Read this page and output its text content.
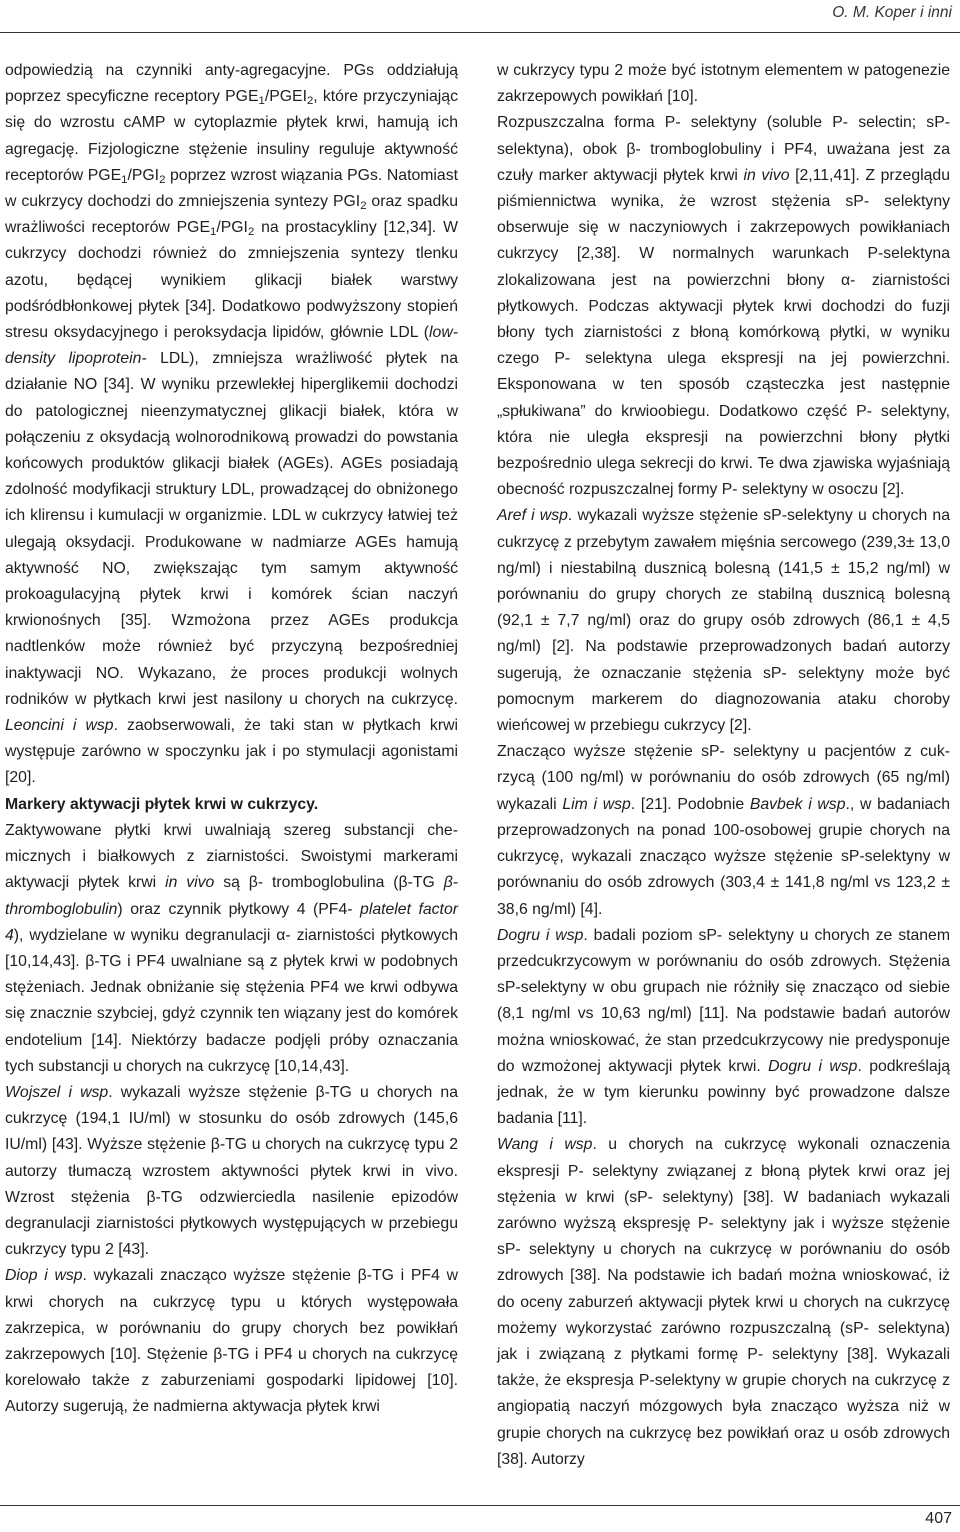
O. M. Koper i inni

odpowiedzią na czynniki anty-agregacyjne. PGs oddziałują poprzez specyficzne receptory $PGE_1/PGEI_2$, które przyczyniając się do wzrostu cAMP w cytoplazmie płytek krwi, hamują ich agregację. Fizjologiczne stężenie insuliny reguluje aktywność receptorów $PGE_1/PGI_2$ poprzez wzrost wiązania PGs. Natomiast w cukrzycy dochodzi do zmniejszenia syntezy $PGI_2$ oraz spadku wrażliwości receptorów $PGE_1/PGI_2$ na prostacykliny [12,34]. W cukrzycy dochodzi również do zmniejszenia syntezy tlenku azotu, będącej wynikiem glikacji białek warstwy podśródbłonkowej płytek [34]. Dodatkowo podwyższony stopień stresu oksydacyjnego i peroksydacja lipidów, głównie LDL (low- density lipoprotein- LDL), zmniejsza wrażliwość płytek na działanie NO [34]. W wyniku przewlekłej hiperglikemii dochodzi do patologicznej nieenzymatycznej glikacji białek, która w połączeniu z oksydacją wolnorodnikową prowadzi do powstania końcowych produktów glikacji białek (AGEs). AGEs posiadają zdolność modyfikacji struktury LDL, prowadzącej do obniżonego ich klirensu i kumulacji w organizmie. LDL w cukrzycy łatwiej też ulegają oksydacji. Produkowane w nadmiarze AGEs hamują aktywność NO, zwiększając tym samym aktywność prokoagulacyjną płytek krwi i komórek ścian naczyń krwionośnych [35]. Wzmożona przez AGEs produkcja nadtlenków może również być przyczyną bezpośredniej inaktywacji NO. Wykazano, że proces produkcji wolnych rodników w płytkach krwi jest nasilony u chorych na cukrzycę. Leoncini i wsp. zaobserwowali, że taki stan w płytkach krwi występuje zarówno w spoczynku jak i po stymulacji agonistami [20].

Markery aktywacji płytek krwi w cukrzycy.

Zaktywowane płytki krwi uwalniają szereg substancji chemicznych i białkowych z ziarnistości. Swoistymi markerami aktywacji płytek krwi in vivo są β- tromboglobulina (β-TG β-thromboglobulin) oraz czynnik płytkowy 4 (PF4- platelet factor 4), wydzielane w wyniku degranulacji α- ziarnistości płytkowych [10,14,43]. β-TG i PF4 uwalniane są z płytek krwi w podobnych stężeniach. Jednak obniżanie się stężenia PF4 we krwi odbywa się znacznie szybciej, gdyż czynnik ten wiązany jest do komórek endotelium [14]. Niektórzy badacze podjęli próby oznaczania tych substancji u chorych na cukrzycę [10,14,43].

Wojszel i wsp. wykazali wyższe stężenie β-TG u chorych na cukrzycę (194,1 IU/ml) w stosunku do osób zdrowych (145,6 IU/ml) [43]. Wyższe stężenie β-TG u chorych na cukrzycę typu 2 autorzy tłumaczą wzrostem aktywności płytek krwi in vivo. Wzrost stężenia β-TG odzwierciedla nasilenie epizodów degranulacji ziarnistości płytkowych występujących w przebiegu cukrzycy typu 2 [43].

Diop i wsp. wykazali znacząco wyższe stężenie β-TG i PF4 w krwi chorych na cukrzycę typu u których występowała zakrzepica, w porównaniu do grupy chorych bez powikłań zakrzepowych [10]. Stężenie β-TG i PF4 u chorych na cukrzycę korelowało także z zaburzeniami gospodarki lipidowej [10]. Autorzy sugerują, że nadmierna aktywacja płytek krwi

w cukrzycy typu 2 może być istotnym elementem w patogenezie zakrzepowych powikłań [10].

Rozpuszczalna forma P- selektyny (soluble P- selectin; sP-selektyna), obok β- tromboglobuliny i PF4, uważana jest za czuły marker aktywacji płytek krwi in vivo [2,11,41]. Z przeglądu piśmiennictwa wynika, że wzrost stężenia sP- selektyny obserwuje się w naczyniowych i zakrzepowych powikłaniach cukrzycy [2,38]. W normalnych warunkach P-selektyna zlokalizowana jest na powierzchni błony α- ziarnistości płytkowych. Podczas aktywacji płytek krwi dochodzi do fuzji błony tych ziarnistości z błoną komórkową płytki, w wyniku czego P- selektyna ulega ekspresji na jej powierzchni. Eksponowana w ten sposób cząsteczka jest następnie „spłukiwana” do krwioobiegu. Dodatkowo część P- selektyny, która nie uległa ekspresji na powierzchni błony płytki bezpośrednio ulega sekrecji do krwi. Te dwa zjawiska wyjaśniają obecność rozpuszczalnej formy P- selektyny w osoczu [2].

Aref i wsp. wykazali wyższe stężenie sP-selektyny u chorych na cukrzycę z przebytym zawałem mięśnia sercowego (239,3± 13,0 ng/ml) i niestabilną dusznicą bolesną (141,5 ± 15,2 ng/ml) w porównaniu do grupy chorych ze stabilną dusznicą bolesną (92,1 ± 7,7 ng/ml) oraz do grupy osób zdrowych (86,1 ± 4,5 ng/ml) [2]. Na podstawie przeprowadzonych badań autorzy sugerują, że oznaczanie stężenia sP- selektyny może być pomocnym markerem do diagnozowania ataku choroby wieńcowej w przebiegu cukrzycy [2].

Znacząco wyższe stężenie sP- selektyny u pacjentów z cukrzycą (100 ng/ml) w porównaniu do osób zdrowych (65 ng/ml) wykazali Lim i wsp. [21]. Podobnie Bavbek i wsp., w badaniach przeprowadzonych na ponad 100-osobowej grupie chorych na cukrzycę, wykazali znacząco wyższe stężenie sP-selektyny w porównaniu do osób zdrowych (303,4 ± 141,8 ng/ml vs 123,2 ± 38,6 ng/ml) [4].

Dogru i wsp. badali poziom sP- selektyny u chorych ze stanem przedcukrzycowym w porównaniu do osób zdrowych. Stężenia sP-selektyny w obu grupach nie różniły się znacząco od siebie (8,1 ng/ml vs 10,63 ng/ml) [11]. Na podstawie badań autorów można wnioskować, że stan przedcukrzycowy nie predysponuje do wzmożonej aktywacji płytek krwi. Dogru i wsp. podkreślają jednak, że w tym kierunku powinny być prowadzone dalsze badania [11].

Wang i wsp. u chorych na cukrzycę wykonali oznaczenia ekspresji P- selektyny związanej z błoną płytek krwi oraz jej stężenia w krwi (sP- selektyny) [38]. W badaniach wykazali zarówno wyższą ekspresję P- selektyny jak i wyższe stężenie sP- selektyny u chorych na cukrzycę w porównaniu do osób zdrowych [38]. Na podstawie ich badań można wnioskować, iż do oceny zaburzeń aktywacji płytek krwi u chorych na cukrzycę możemy wykorzystać zarówno rozpuszczalną (sP- selektyna) jak i związaną z płytkami formę P- selektyny [38]. Wykazali także, że ekspresja P-selektyny w grupie chorych na cukrzycę z angiopatią naczyń mózgowych była znacząco wyższa niż w grupie chorych na cukrzycę bez powikłań oraz u osób zdrowych [38]. Autorzy

407
